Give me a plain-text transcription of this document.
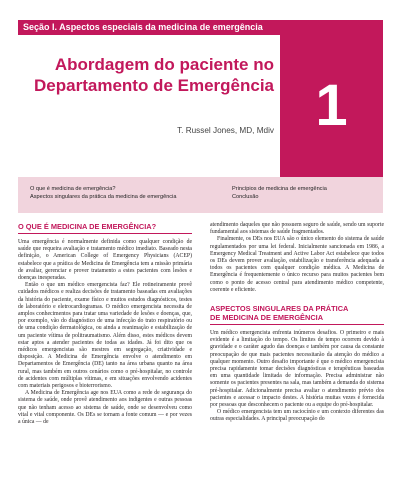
Seção I. Aspectos especiais da medicina de emergência
1
Abordagem do paciente no
Departamento de Emergência
T. Russel Jones, MD, Mdiv
O que é medicina de emergência?
Aspectos singulares da prática da medicina de emergência
Princípios de medicina de emergência
Conclusão
O QUE É MEDICINA DE EMERGÊNCIA?

Uma emergência é normalmente definida como qualquer condição de saúde que requeira avaliação e tratamento médico imediato. Baseado nesta definição, o American College of Emergency Physicians (ACEP) estabelece que a prática de Medicina de Emergência tem a missão primária de avaliar, gerenciar e prover tratamento a estes pacientes com lesões e doenças inesperadas.

Então o que um médico emergencista faz? Ele rotineiramente provê cuidados médicos e realiza decisões de tratamento baseadas em avaliações da história do paciente, exame físico e muitos estudos diagnósticos, testes de laboratório e eletrocardiogramas. O médico emergencista necessita de amplos conhecimentos para tratar uma variedade de lesões e doenças, que, por exemplo, vão do diagnóstico de uma infecção do trato respiratório ou de uma condição dermatológica, ou ainda a reanimação e estabilização de um paciente vítima de politraumatismo. Além disso, estes médicos devem estar aptos a atender pacientes de todas as idades. Já foi dito que os médicos emergencistas são mestres em segregação, criatividade e disposição. A Medicina de Emergência envolve o atendimento em Departamentos de Emergência (DE) tanto na área urbana quanto na área rural, mas também em outros cenários como o pré-hospitalar, no controle de acidentes com múltiplas vítimas, e em situações envolvendo acidentes com materiais perigosos e bioterrorismo.

A Medicina de Emergência age nos EUA como a rede de segurança do sistema de saúde, onde provê atendimento aos indigentes e outras pessoas que não tenham acesso ao sistema de saúde, onde se desenvolveu como vital e vital componente. Os DEs se tornam a fonte comum — e por vezes a única — de

atendimento daqueles que não possuem seguro de saúde, sendo um suporte fundamental aos sistemas de saúde fragmentados.

Finalmente, os DEs nos EUA são o único elemento do sistema de saúde regulamentados por uma lei federal. Inicialmente sancionada em 1986, a Emergency Medical Treatment and Active Labor Act estabelece que todos os DEs devem prover avaliação, estabilização e transferência adequada a todos os pacientes com qualquer condição médica. A Medicina de Emergência é frequentemente o único recurso para muitos pacientes bem como o ponto de acesso central para atendimento médico competente, coerente e eficiente.

ASPECTOS SINGULARES DA PRÁTICA
DE MEDICINA DE EMERGÊNCIA

Um médico emergencista enfrenta inúmeros desafios. O primeiro e mais evidente é a limitação do tempo. Os limites de tempo ocorrem devido à gravidade e o caráter agudo das doenças e também por causa da constante preocupação de que mais pacientes necessitarão da atenção do médico a qualquer momento. Outro desafio importante é que o médico emergencista precisa rapidamente tomar decisões diagnósticas e terapêuticas baseadas em uma quantidade limitada de informação. Precisa administrar não somente os pacientes presentes na sala, mas também a demanda do sistema pré-hospitalar. Adicionalmente precisa avaliar o atendimento prévio dos pacientes e acessar o impacto destes. A história muitas vezes é fornecida por pessoas que desconhecem o paciente ou a equipe do pré-hospitalar.

O médico emergencista tem um raciocínio e um contexto diferentes das outras especialidades. A principal preocupação do
